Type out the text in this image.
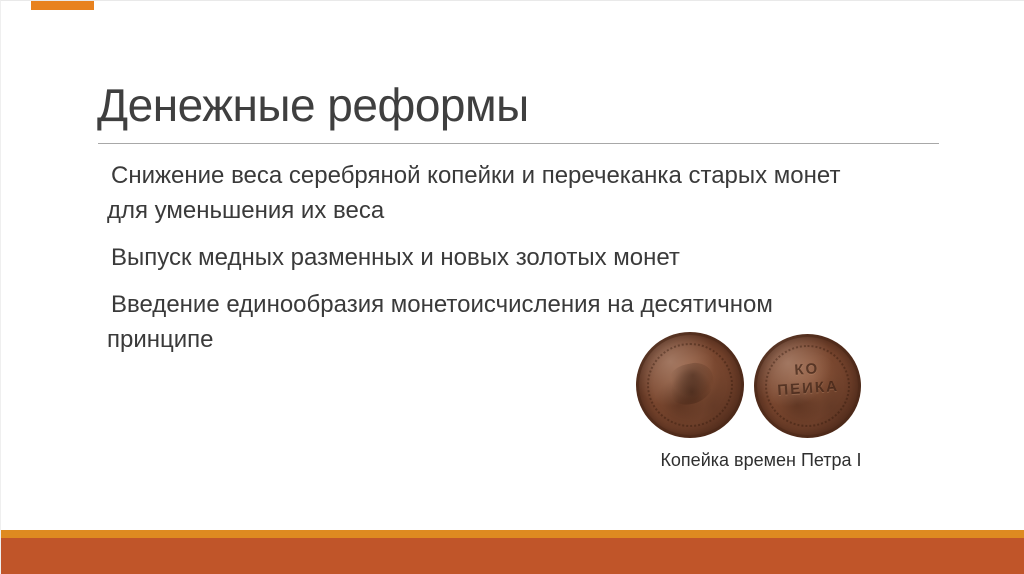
Денежные реформы

Снижение веса серебряной копейки и перечеканка старых монет для уменьшения их веса

Выпуск медных разменных и новых золотых монет

Введение единообразия монетоисчисления на десятичном принципе

КО
ПЕИКА
Копейка времен Петра I
